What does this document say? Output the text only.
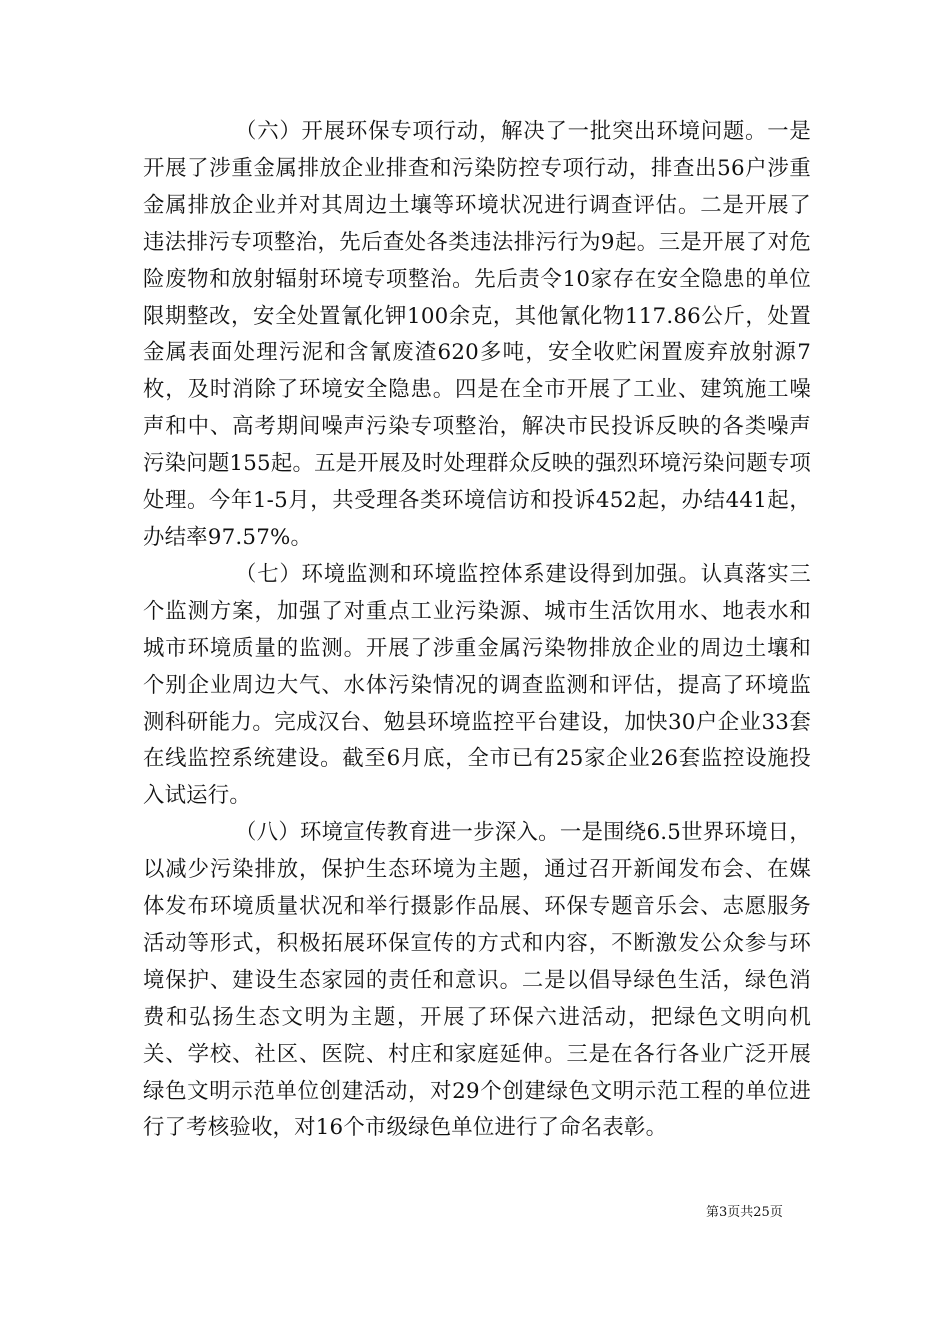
（六）开展环保专项行动，解决了一批突出环境问题。一是开展了涉重金属排放企业排查和污染防控专项行动，排查出56户涉重金属排放企业并对其周边土壤等环境状况进行调查评估。二是开展了违法排污专项整治，先后查处各类违法排污行为9起。三是开展了对危险废物和放射辐射环境专项整治。先后责令10家存在安全隐患的单位限期整改，安全处置氰化钾100余克，其他氰化物117.86公斤，处置金属表面处理污泥和含氰废渣620多吨，安全收贮闲置废弃放射源7枚，及时消除了环境安全隐患。四是在全市开展了工业、建筑施工噪声和中、高考期间噪声污染专项整治，解决市民投诉反映的各类噪声污染问题155起。五是开展及时处理群众反映的强烈环境污染问题专项处理。今年1-5月，共受理各类环境信访和投诉452起，办结441起，办结率97.57%。

（七）环境监测和环境监控体系建设得到加强。认真落实三个监测方案，加强了对重点工业污染源、城市生活饮用水、地表水和城市环境质量的监测。开展了涉重金属污染物排放企业的周边土壤和个别企业周边大气、水体污染情况的调查监测和评估，提高了环境监测科研能力。完成汉台、勉县环境监控平台建设，加快30户企业33套在线监控系统建设。截至6月底，全市已有25家企业26套监控设施投入试运行。

（八）环境宣传教育进一步深入。一是围绕6.5世界环境日，以减少污染排放，保护生态环境为主题，通过召开新闻发布会、在媒体发布环境质量状况和举行摄影作品展、环保专题音乐会、志愿服务活动等形式，积极拓展环保宣传的方式和内容，不断激发公众参与环境保护、建设生态家园的责任和意识。二是以倡导绿色生活，绿色消费和弘扬生态文明为主题，开展了环保六进活动，把绿色文明向机关、学校、社区、医院、村庄和家庭延伸。三是在各行各业广泛开展绿色文明示范单位创建活动，对29个创建绿色文明示范工程的单位进行了考核验收，对16个市级绿色单位进行了命名表彰。

第3页共25页
